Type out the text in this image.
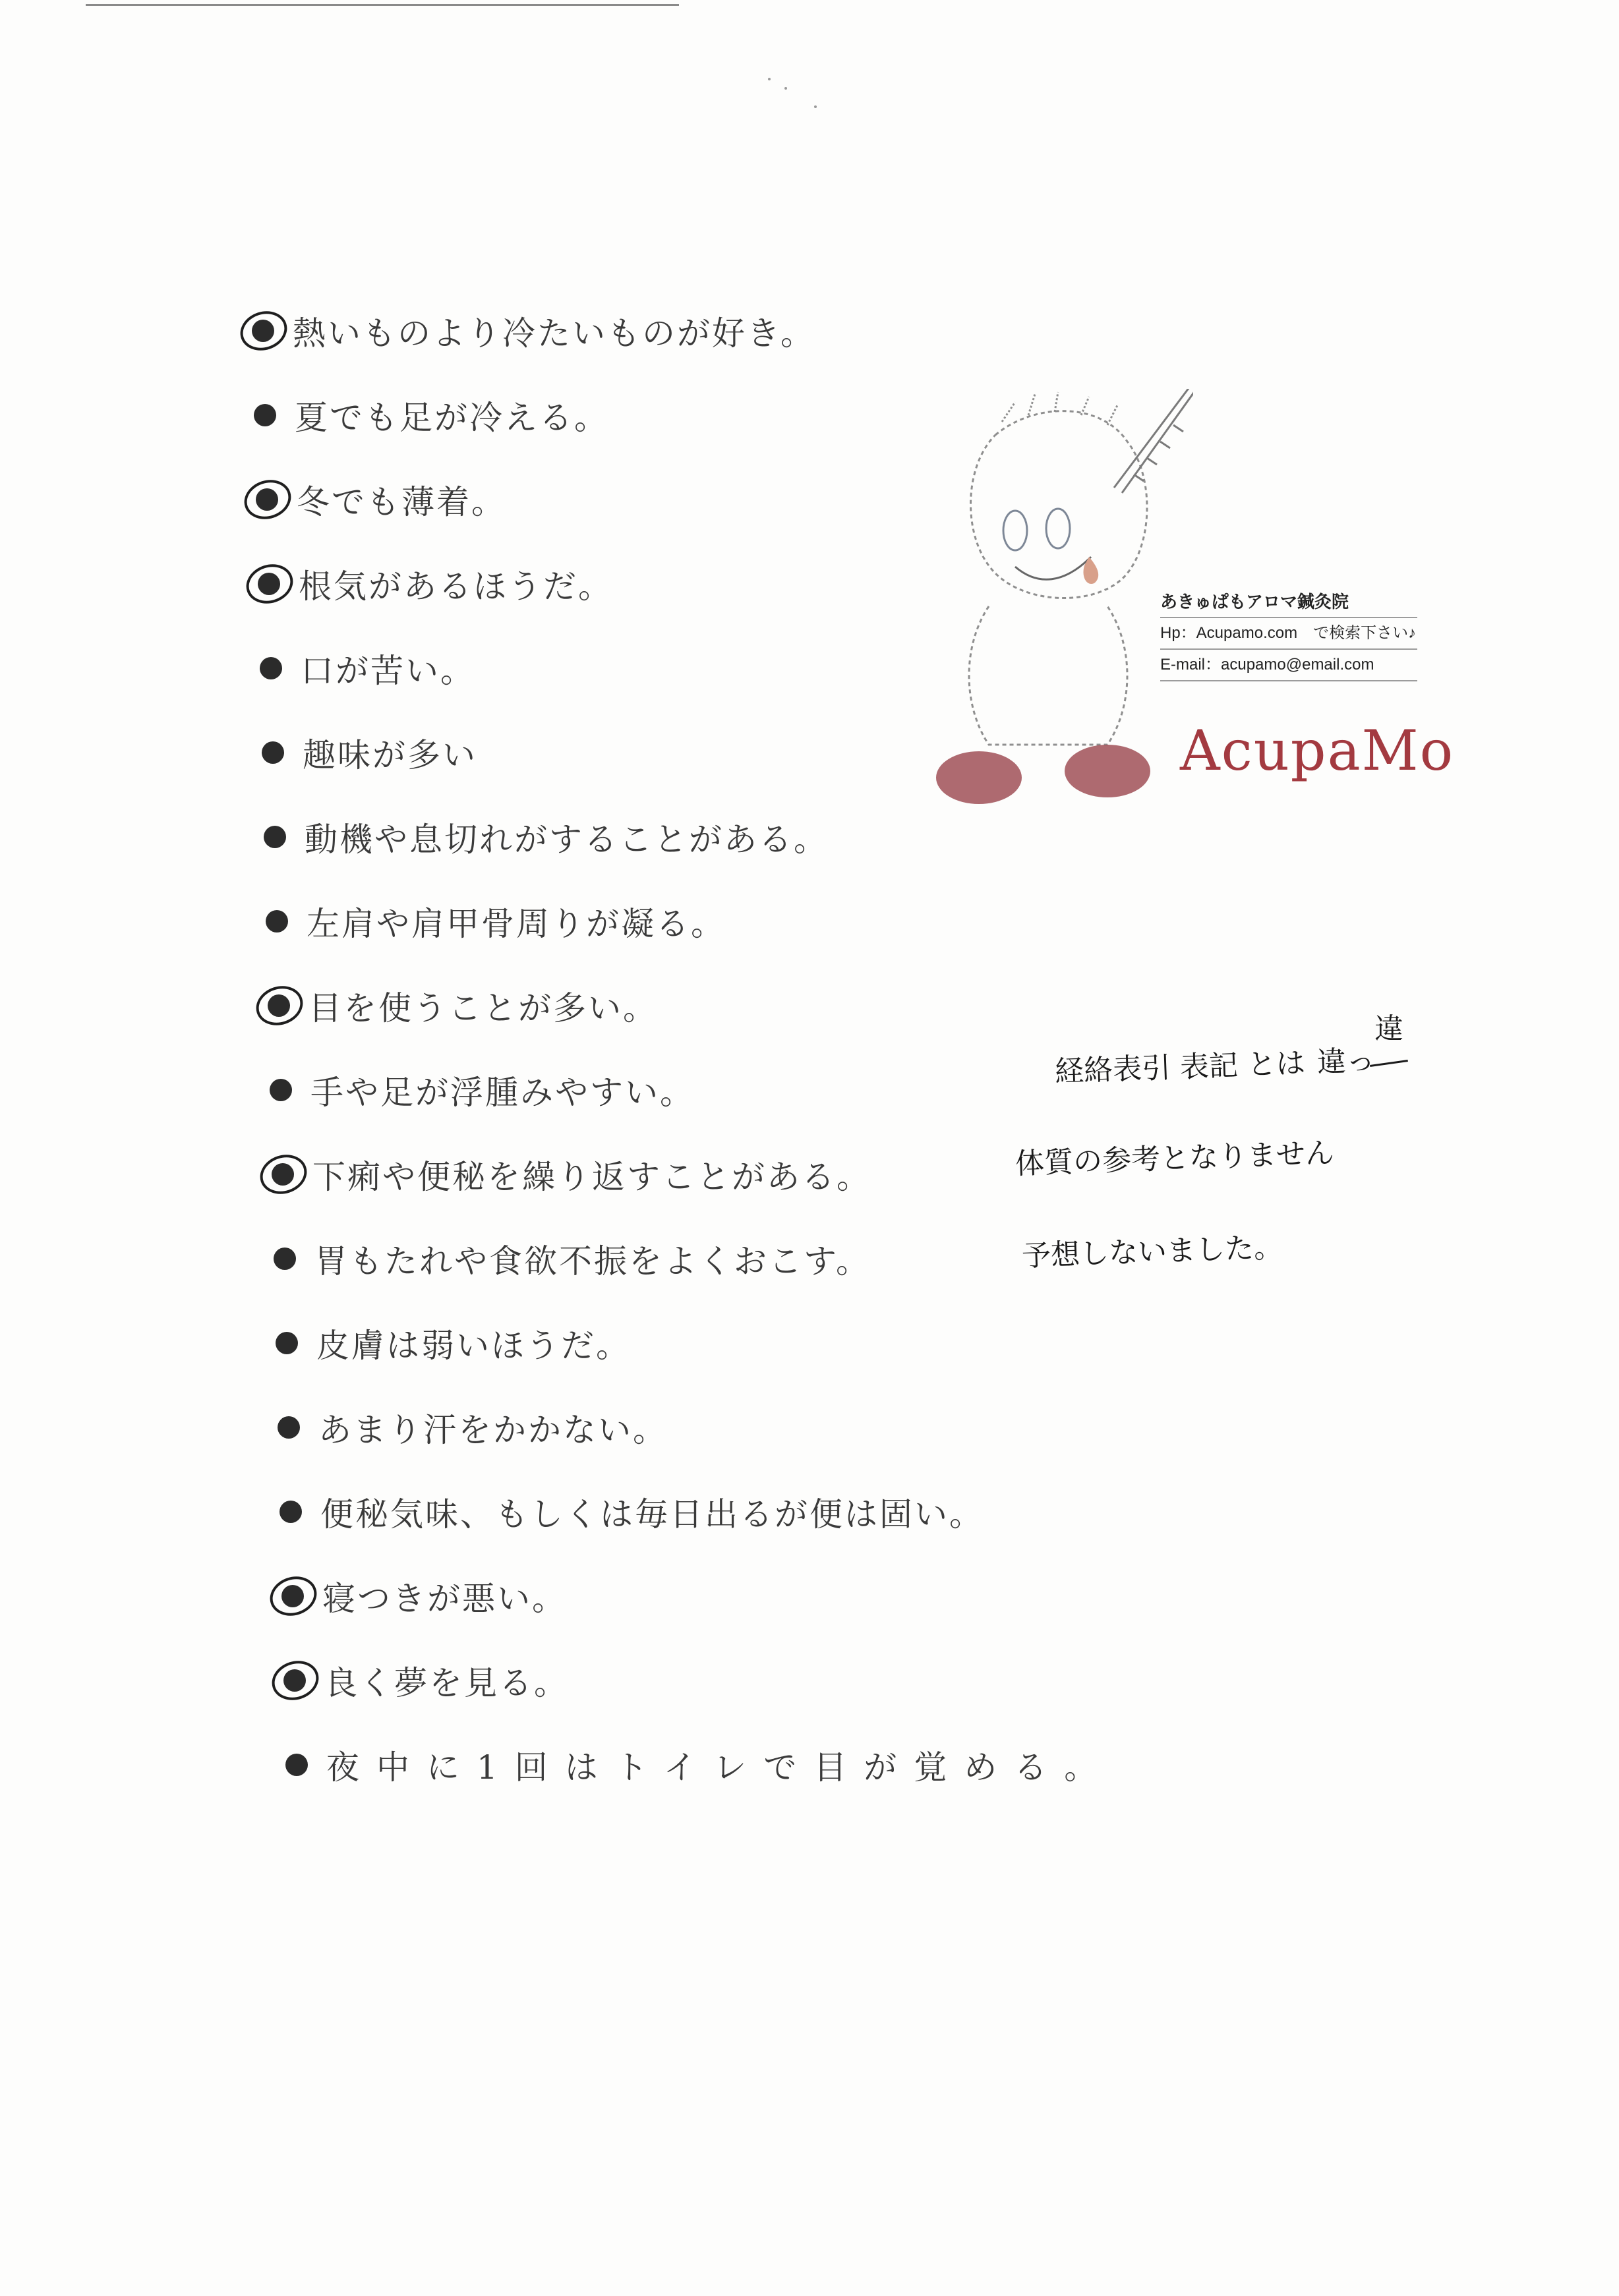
熱いものより冷たいものが好き。
夏でも足が冷える。
冬でも薄着。
根気があるほうだ。
口が苦い。
趣味が多い
動機や息切れがすることがある。
左肩や肩甲骨周りが凝る。
目を使うことが多い。
手や足が浮腫みやすい。
下痢や便秘を繰り返すことがある。
胃もたれや食欲不振をよくおこす。
皮膚は弱いほうだ。
あまり汗をかかない。
便秘気味、もしくは毎日出るが便は固い。
寝つきが悪い。
良く夢を見る。
夜中に1回はトイレで目が覚める。
あきゅぱもアロマ鍼灸院
Hp：Acupamo.com　で検索下さい♪
E-mail：acupamo@email.com
AcupaMo
経絡表引 表記 とは 違っ
違
体質の参考となりません
予想しないました。
